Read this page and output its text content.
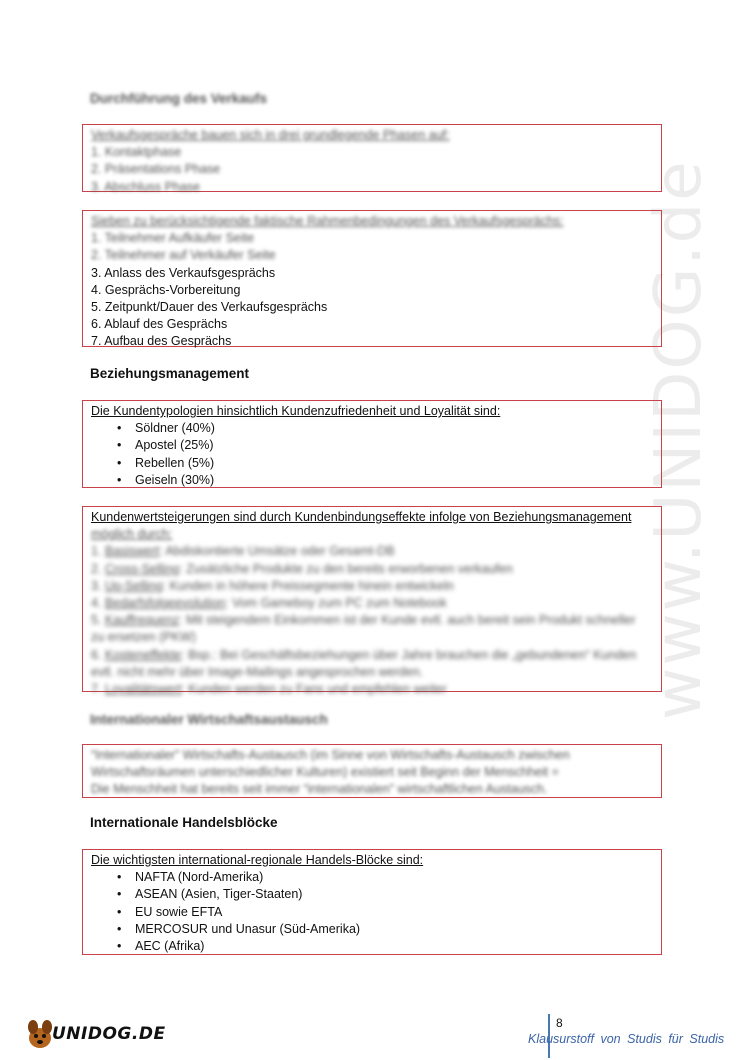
www.UNIDOG.de
Durchführung des Verkaufs
Verkaufsgespräche bauen sich in drei grundlegende Phasen auf:
1. Kontaktphase
2. Präsentations Phase
3. Abschluss Phase
Sieben zu berücksichtigende faktische Rahmenbedingungen des Verkaufsgesprächs:
1. Teilnehmer Aufkäufer Seite
2. Teilnehmer auf Verkäufer Seite
3. Anlass des Verkaufsgesprächs
4. Gesprächs-Vorbereitung
5. Zeitpunkt/Dauer des Verkaufsgesprächs
6. Ablauf des Gesprächs
7. Aufbau des Gesprächs
Beziehungsmanagement
Die Kundentypologien hinsichtlich Kundenzufriedenheit und Loyalität sind:
• Söldner (40%)
• Apostel (25%)
• Rebellen (5%)
• Geiseln (30%)
Kundenwertsteigerungen sind durch Kundenbindungseffekte infolge von Beziehungsmanagement
möglich durch:
1. Basiswert: Abdiskontierte Umsätze oder Gesamt-DB
2. Cross-Selling: Zusätzliche Produkte zu den bereits erworbenen verkaufen
3. Up-Selling: Kunden in höhere Preissegmente hinein entwickeln
4. Bedarfsfolgeevolution: Vom Gameboy zum PC zum Notebook
5. Kauffrequenz: Mit steigendem Einkommen ist der Kunde evtl. auch bereit sein Produkt schneller
zu ersetzen (PKW)
6. Kosteneffekte: Bsp.: Bei Geschäftsbeziehungen über Jahre brauchen die „gebundenen“ Kunden
evtl. nicht mehr über Image-Mailings angesprochen werden.
7. Loyalitätswert: Kunden werden zu Fans und empfehlen weiter
Internationaler Wirtschaftsaustausch
“Internationaler” Wirtschafts-Austausch (im Sinne von Wirtschafts-Austausch zwischen
Wirtschaftsräumen unterschiedlicher Kulturen) existiert seit Beginn der Menschheit =
Die Menschheit hat bereits seit immer “internationalen” wirtschaftlichen Austausch.
Internationale Handelsblöcke
Die wichtigsten international-regionale Handels-Blöcke sind:
• NAFTA (Nord-Amerika)
• ASEAN (Asien, Tiger-Staaten)
• EU sowie EFTA
• MERCOSUR und Unasur (Süd-Amerika)
• AEC (Afrika)
UNIDOG.DE
8
Klausurstoff von Studis für Studis
